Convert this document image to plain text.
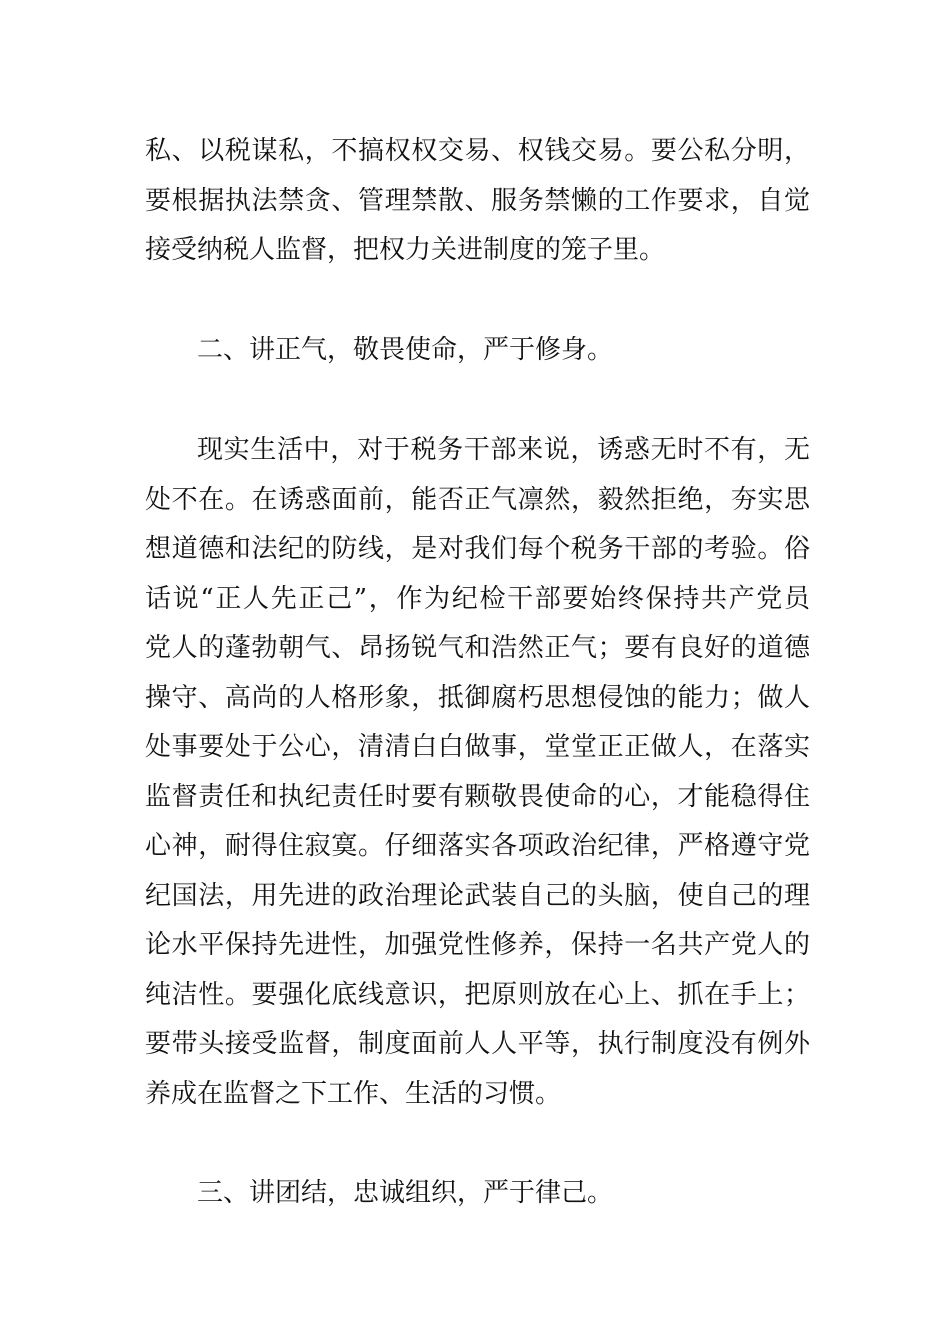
私、以税谋私，不搞权权交易、权钱交易。要公私分明，
要根据执法禁贪、管理禁散、服务禁懒的工作要求，自觉
接受纳税人监督，把权力关进制度的笼子里。
二、讲正气，敬畏使命，严于修身。
现实生活中，对于税务干部来说，诱惑无时不有，无
处不在。在诱惑面前，能否正气凛然，毅然拒绝，夯实思
想道德和法纪的防线，是对我们每个税务干部的考验。俗
话说“正人先正己”，作为纪检干部要始终保持共产党员
党人的蓬勃朝气、昂扬锐气和浩然正气；要有良好的道德
操守、高尚的人格形象，抵御腐朽思想侵蚀的能力；做人
处事要处于公心，清清白白做事，堂堂正正做人，在落实
监督责任和执纪责任时要有颗敬畏使命的心，才能稳得住
心神，耐得住寂寞。仔细落实各项政治纪律，严格遵守党
纪国法，用先进的政治理论武装自己的头脑，使自己的理
论水平保持先进性，加强党性修养，保持一名共产党人的
纯洁性。要强化底线意识，把原则放在心上、抓在手上；
要带头接受监督，制度面前人人平等，执行制度没有例外
养成在监督之下工作、生活的习惯。
三、讲团结，忠诚组织，严于律己。
